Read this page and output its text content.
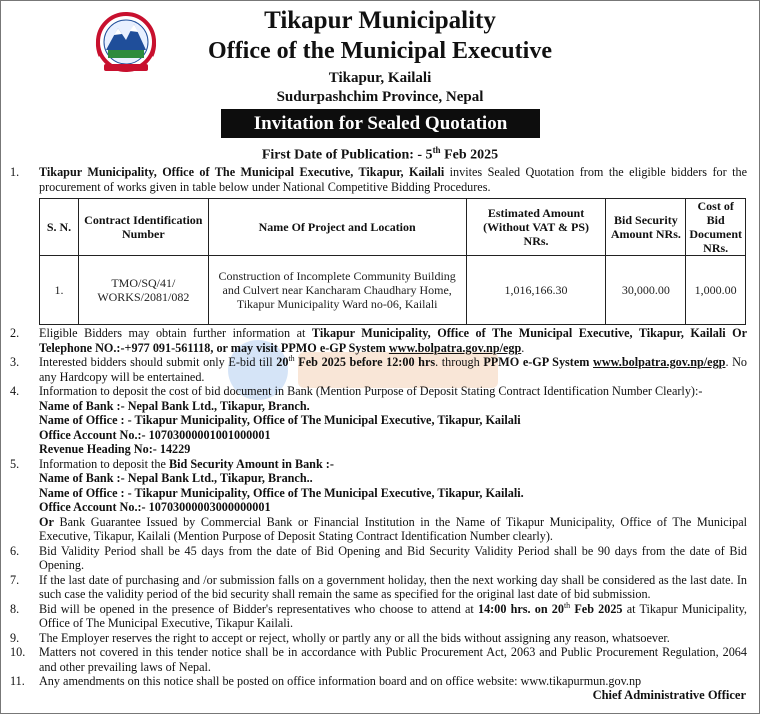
Tikapur Municipality
Office of the Municipal Executive
Tikapur, Kailali
Sudurpashchim Province, Nepal
Invitation for Sealed Quotation
First Date of Publication: - 5th Feb 2025
1.	Tikapur Municipality, Office of The Municipal Executive, Tikapur, Kailali invites Sealed Quotation from the eligible bidders for the procurement of works given in table below under National Competitive Bidding Procedures.
S. N.	Contract Identification Number	Name Of Project and Location	Estimated Amount (Without VAT & PS) NRs.	Bid Security Amount NRs.	Cost of Bid Document NRs.
1.	TMO/SQ/41/ WORKS/2081/082	Construction of Incomplete Community Building and Culvert near Kancharam Chaudhary Home, Tikapur Municipality Ward no-06, Kailali	1,016,166.30	30,000.00	1,000.00
2.	Eligible Bidders may obtain further information at Tikapur Municipality, Office of The Municipal Executive, Tikapur, Kailali Or Telephone NO.:-+977 091-561118, or may visit PPMO e-GP System www.bolpatra.gov.np/egp.
3.	Interested bidders should submit only E-bid till 20th Feb 2025 before 12:00 hrs. through PPMO e-GP System www.bolpatra.gov.np/egp. No any Hardcopy will be entertained.
4.	Information to deposit the cost of bid document in Bank (Mention Purpose of Deposit Stating Contract Identification Number Clearly):-
Name of Bank :- Nepal Bank Ltd., Tikapur, Branch.
Name of Office : - Tikapur Municipality, Office of The Municipal Executive, Tikapur, Kailali
Office Account No.:- 10703000001001000001
Revenue Heading No:- 14229
5.	Information to deposit the Bid Security Amount in Bank :-
Name of Bank :- Nepal Bank Ltd., Tikapur, Branch..
Name of Office : - Tikapur Municipality, Office of The Municipal Executive, Tikapur, Kailali.
Office Account No.:- 10703000003000000001
Or Bank Guarantee Issued by Commercial Bank or Financial Institution in the Name of Tikapur Municipality, Office of The Municipal Executive, Tikapur, Kailali (Mention Purpose of Deposit Stating Contract Identification Number clearly).
6.	Bid Validity Period shall be 45 days from the date of Bid Opening and Bid Security Validity Period shall be 90 days from the date of Bid Opening.
7.	If the last date of purchasing and /or submission falls on a government holiday, then the next working day shall be considered as the last date. In such case the validity period of the bid security shall remain the same as specified for the original last date of bid submission.
8.	Bid will be opened in the presence of Bidder's representatives who choose to attend at 14:00 hrs. on 20th Feb 2025 at Tikapur Municipality, Office of The Municipal Executive, Tikapur Kailali.
9.	The Employer reserves the right to accept or reject, wholly or partly any or all the bids without assigning any reason, whatsoever.
10.	Matters not covered in this tender notice shall be in accordance with Public Procurement Act, 2063 and Public Procurement Regulation, 2064 and other prevailing laws of Nepal.
11.	Any amendments on this notice shall be posted on office information board and on office website: www.tikapurmun.gov.np
Chief Administrative Officer
